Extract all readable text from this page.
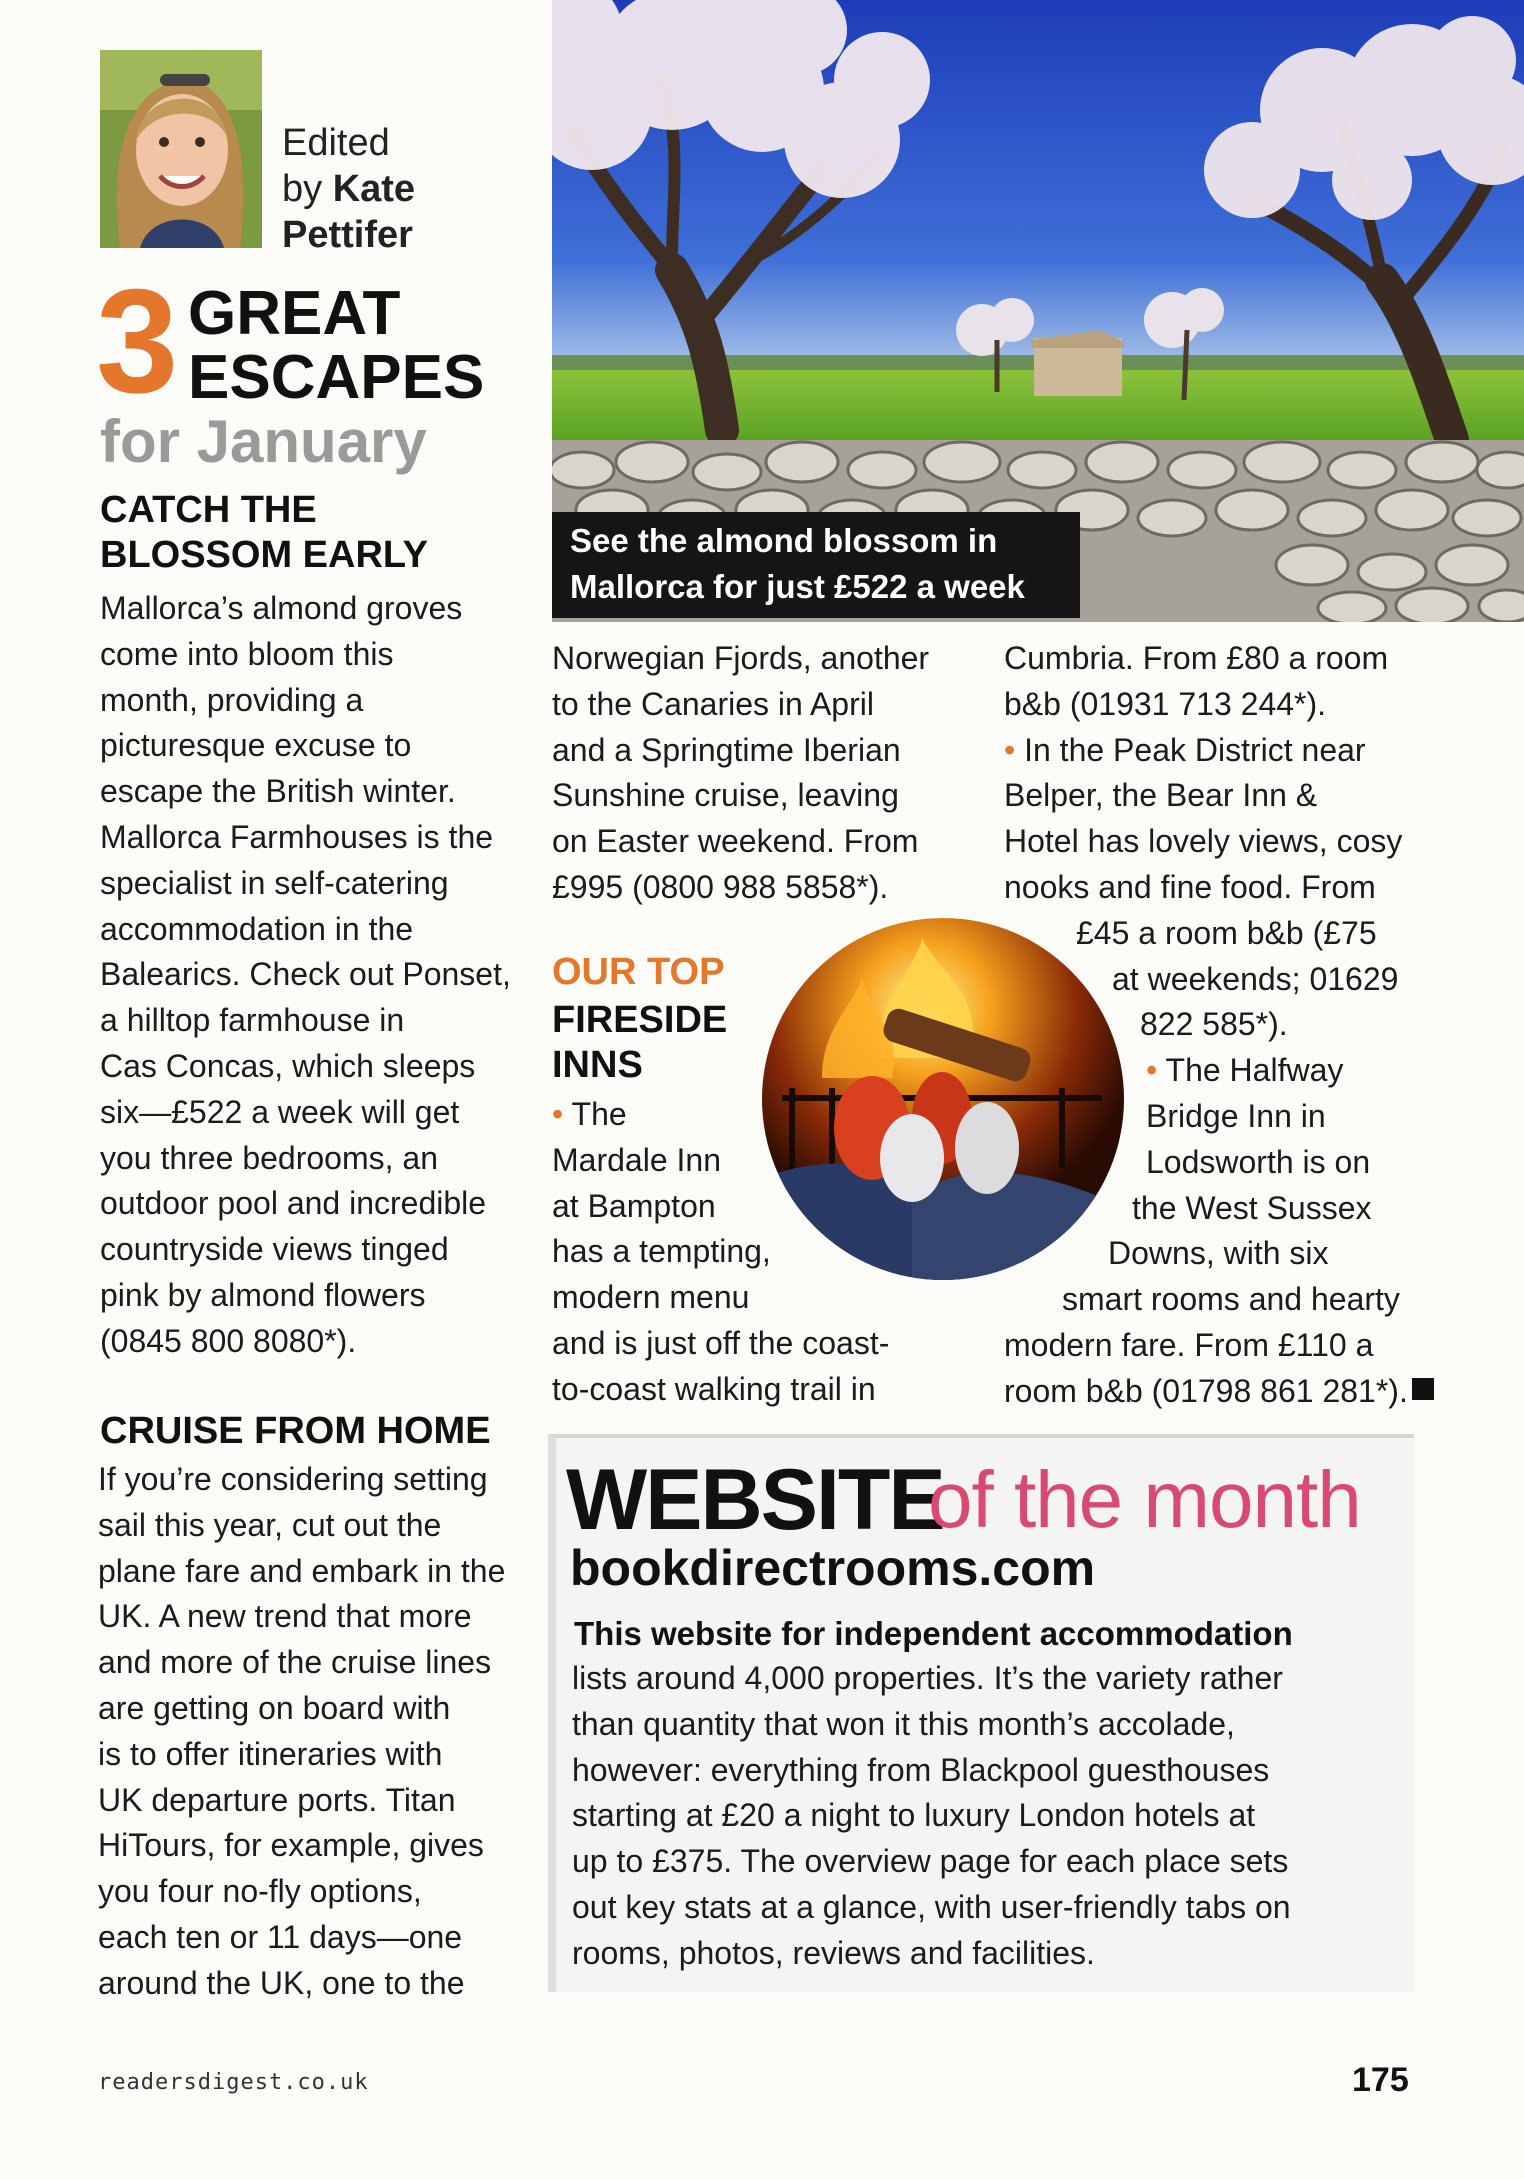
See the almond blossom in
Mallorca for just £522 a week
Edited
by Kate
Pettifer
3 GREAT
ESCAPES
for January
CATCH THE
BLOSSOM EARLY
Mallorca’s almond groves
come into bloom this
month, providing a
picturesque excuse to
escape the British winter.
Mallorca Farmhouses is the
specialist in self-catering
accommodation in the
Balearics. Check out Ponset,
a hilltop farmhouse in
Cas Concas, which sleeps
six—£522 a week will get
you three bedrooms, an
outdoor pool and incredible
countryside views tinged
pink by almond flowers
(0845 800 8080*).
CRUISE FROM HOME
If you’re considering setting
sail this year, cut out the
plane fare and embark in the
UK. A new trend that more
and more of the cruise lines
are getting on board with
is to offer itineraries with
UK departure ports. Titan
HiTours, for example, gives
you four no-fly options,
each ten or 11 days—one
around the UK, one to the
Norwegian Fjords, another
to the Canaries in April
and a Springtime Iberian
Sunshine cruise, leaving
on Easter weekend. From
£995 (0800 988 5858*).
OUR TOP
FIRESIDE
INNS
• The
Mardale Inn
at Bampton
has a tempting,
modern menu
and is just off the coast-
to-coast walking trail in
Cumbria. From £80 a room
b&b (01931 713 244*).
• In the Peak District near
Belper, the Bear Inn &
Hotel has lovely views, cosy
nooks and fine food. From
£45 a room b&b (£75
at weekends; 01629
822 585*).
• The Halfway
Bridge Inn in
Lodsworth is on
the West Sussex
Downs, with six
smart rooms and hearty
modern fare. From £110 a
room b&b (01798 861 281*).
WEBSITE
of the month
bookdirectrooms.com
This website for independent accommodation
lists around 4,000 properties. It’s the variety rather
than quantity that won it this month’s accolade,
however: everything from Blackpool guesthouses
starting at £20 a night to luxury London hotels at
up to £375. The overview page for each place sets
out key stats at a glance, with user-friendly tabs on
rooms, photos, reviews and facilities.
readersdigest.co.uk	175
